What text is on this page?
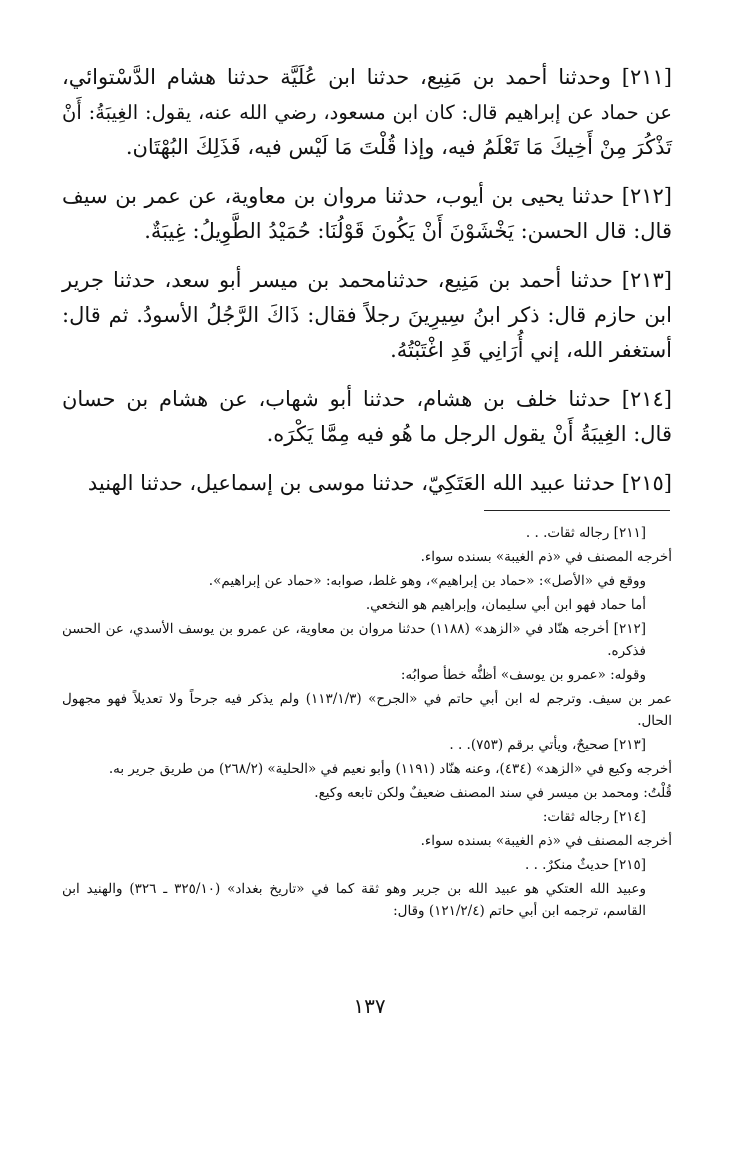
[٢١١] وحدثنا أحمد بن مَنِيع، حدثنا ابن عُلَيَّة حدثنا هشام الدَّسْتوائي،
عن حماد عن إبراهيم قال: كان ابن مسعود، رضي الله عنه، يقول: الغِيبَةُ: أَنْ
تَذْكُرَ مِنْ أَخِيكَ مَا تَعْلَمُ فيه، وإذا قُلْتَ مَا لَيْس فيه، فَذَلِكَ البُهْتَان.
[٢١٢] حدثنا يحيى بن أيوب، حدثنا مروان بن معاوية، عن عمر بن سيف
قال: قال الحسن: يَخْشَوْنَ أَنْ يَكُونَ قَوْلُنَا: حُمَيْدُ الطَّوِيلُ: غِيبَةٌ.
[٢١٣] حدثنا أحمد بن مَنِيع، حدثنامحمد بن ميسر أبو سعد، حدثنا جرير
ابن حازم قال: ذكر ابنُ سِيرِينَ رجلاً فقال: ذَاكَ الرَّجُلُ الأسودُ. ثم قال:
أستغفر الله، إني أُرَانِي قَدِ اغْتَبْتُهُ.
[٢١٤] حدثنا خلف بن هشام، حدثنا أبو شهاب، عن هشام بن حسان
قال: الغِيبَةُ أَنْ يقول الرجل ما هُو فيه مِمَّا يَكْرَه.
[٢١٥] حدثنا عبيد الله العَتَكِيّ، حدثنا موسى بن إسماعيل، حدثنا الهنيد
[٢١١] رجاله ثقات. . .
أخرجه المصنف في «ذم الغيبة» بسنده سواء.
ووقع في «الأصل»: «حماد بن إبراهيم»، وهو غلط، صوابه: «حماد عن إبراهيم».
أما حماد فهو ابن أبي سليمان، وإبراهيم هو النخعي.
[٢١٢] أخرجه هنّاد في «الزهد» (١١٨٨) حدثنا مروان بن معاوية، عن عمرو بن يوسف الأسدي، عن الحسن فذكره.
وقوله: «عمرو بن يوسف» أظنُّه خطأ صوابُه:
عمر بن سيف. وترجم له ابن أبي حاتم في «الجرح» (١١٣/١/٣) ولم يذكر فيه جرحاً ولا تعديلاً فهو مجهول الحال.
[٢١٣] صحيحٌ، ويأتي برقم (٧٥٣). . .
أخرجه وكيع في «الزهد» (٤٣٤)، وعنه هنّاد (١١٩١) وأبو نعيم في «الحلية» (٢٦٨/٢) من طريق جرير به.
قُلْتُ: ومحمد بن ميسر في سند المصنف ضعيفٌ ولكن تابعه وكيع.
[٢١٤] رجاله ثقات:
أخرجه المصنف في «ذم الغيبة» بسنده سواء.
[٢١٥] حديثٌ منكرٌ. . .
وعبيد الله العتكي هو عبيد الله بن جرير وهو ثقة كما في «تاريخ بغداد» (٣٢٥/١٠ ـ ٣٢٦) والهنيد ابن القاسم، ترجمه ابن أبي حاتم (١٢١/٢/٤) وقال:
١٣٧
